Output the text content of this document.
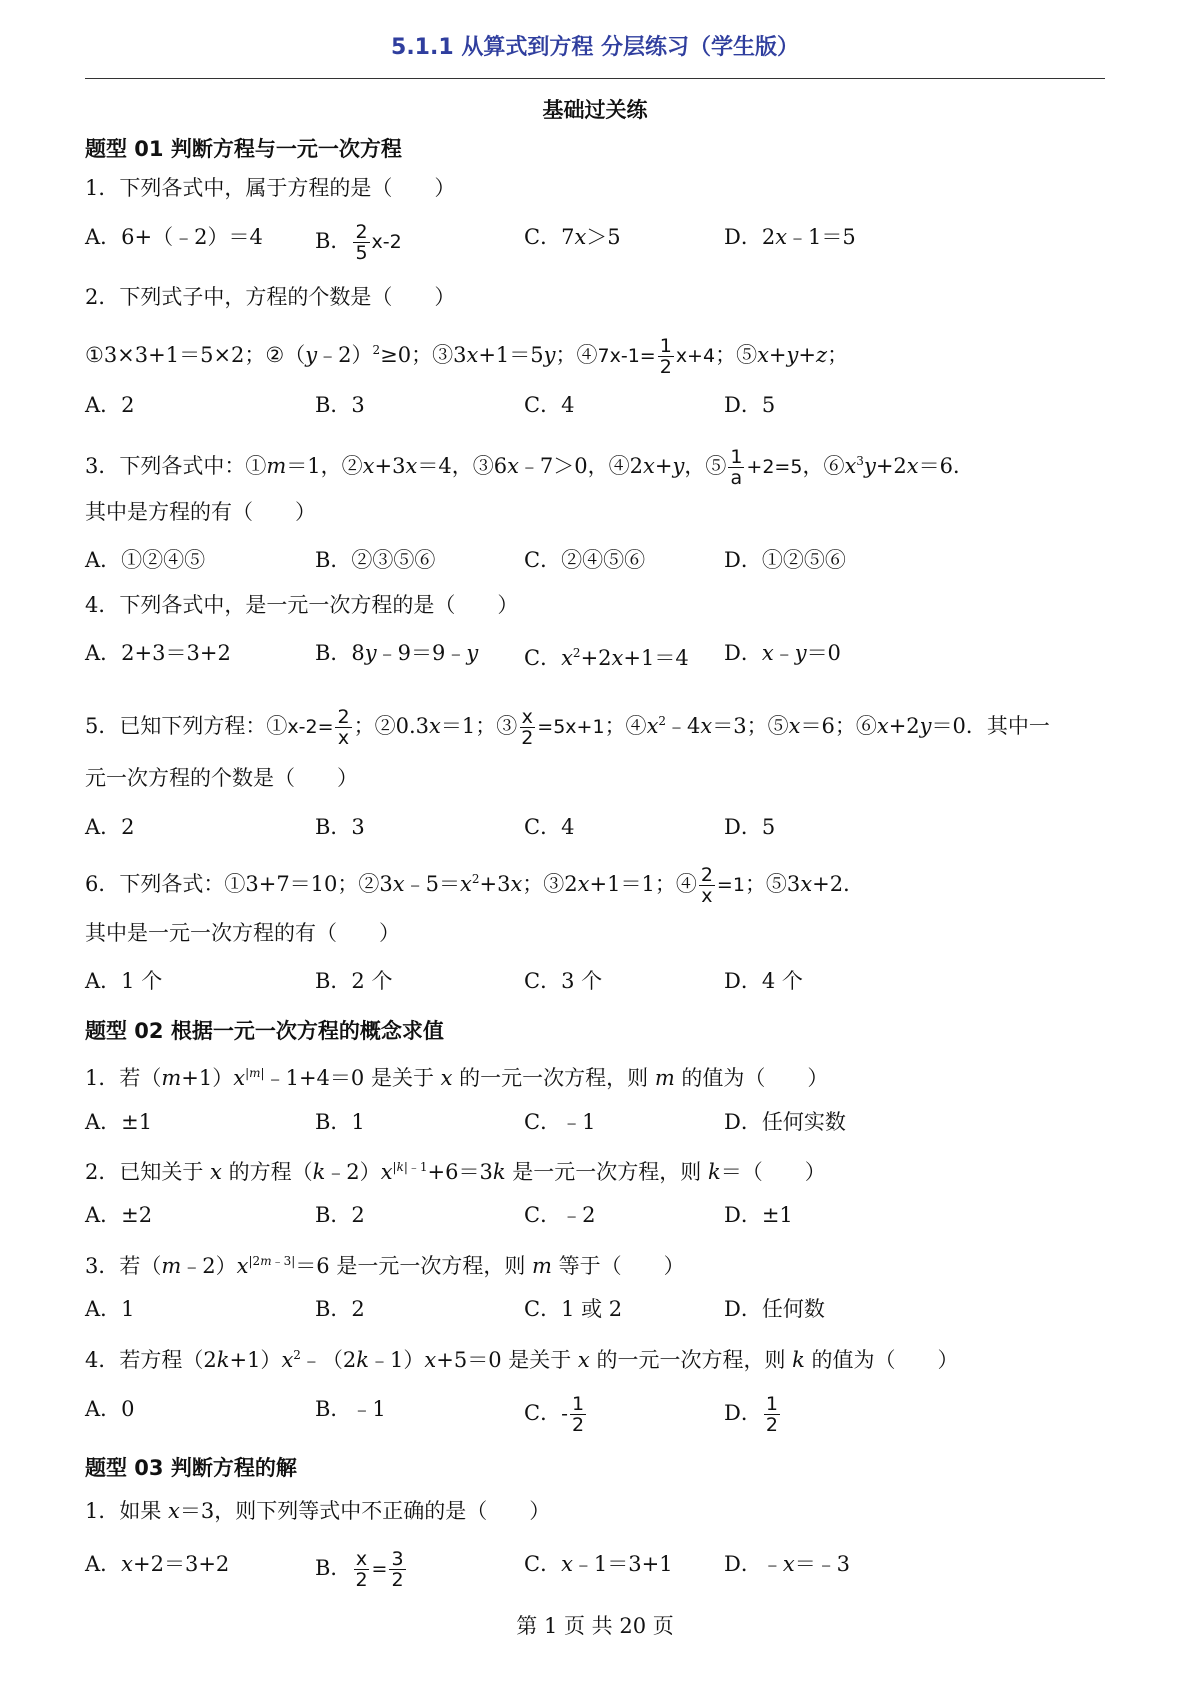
5.1.1 从算式到方程 分层练习（学生版）
基础过关练
题型 01 判断方程与一元一次方程
1．下列各式中，属于方程的是（　　）
A．6+（﹣2）＝4 B． $\frac{2}{5} x-2$	C．7x＞5	D．2x﹣1＝5
2．下列式子中，方程的个数是（　　）
①3×3+1＝5×2；②（y﹣2）$^2$≥0；③3x+1＝5y；④7x-1= $\frac{1}{2} x+4$；⑤x+y+z；
A．2	B．3	C．4	D．5
3．下列各式中：①m＝1，②x+3x＝4，③6x﹣7＞0，④2x+y，⑤ $\frac{1}{a} +2=5$，$⑥x^3y+2x=6$．
其中是方程的有（　　）
A．①②④⑤	B．②③⑤⑥	C．②④⑤⑥	D．①②⑤⑥
4．下列各式中，是一元一次方程的是（　　）
A．2+3＝3+2	B．8y﹣9＝9﹣y C．$x^2+2x+1=4$ D．x﹣y＝0
5．已知下列方程：①x-2= $\frac{2}{x}$ ；②0.3x＝1；③ $\frac{x}{2} =5x+1$；$④x^2﹣4x=3$；⑤x＝6；⑥x+2y＝0．其中一
元一次方程的个数是（　　）
A．2	B．3	C．4	D．5
6．下列各式：①3+7＝10；$②3x﹣5=x^2+3x$；③2x+1＝1；④ $\frac{2}{x} =1$；⑤3x+2．
其中是一元一次方程的有（　　）
A．1 个	B．2 个	C．3 个	D．4 个
题型 02 根据一元一次方程的概念求值
1．若$(m+1)x^{|m|}﹣1+4=0$ 是关于 x 的一元一次方程，则 m 的值为（　　）
A．±1	B．1	C．﹣1	D．任何实数
2．已知关于 x 的方程$(k﹣2)x^{|k|﹣1}+6=3k$ 是一元一次方程，则 k＝（　　）
A．±2	B．2	C．﹣2	D．±1
3．若$(m﹣2)x^{|2m﹣3|}=6$ 是一元一次方程，则 m 等于（　　）
A．1	B．2	C．1 或 2	D．任何数
4．若方程$(2k+1)x^2﹣(2k﹣1)x+5=0$ 是关于 x 的一元一次方程，则 k 的值为（　　）
A．0	B．﹣1	C．- $\frac{1}{2}$	D． $\frac{1}{2}$
题型 03 判断方程的解
1．如果 x＝3，则下列等式中不正确的是（　　）
A．x+2＝3+2	B． $\frac{x}{2} = \frac{3}{2}$	C．x﹣1＝3+1 D．﹣x＝﹣3
第 1 页 共 20 页
